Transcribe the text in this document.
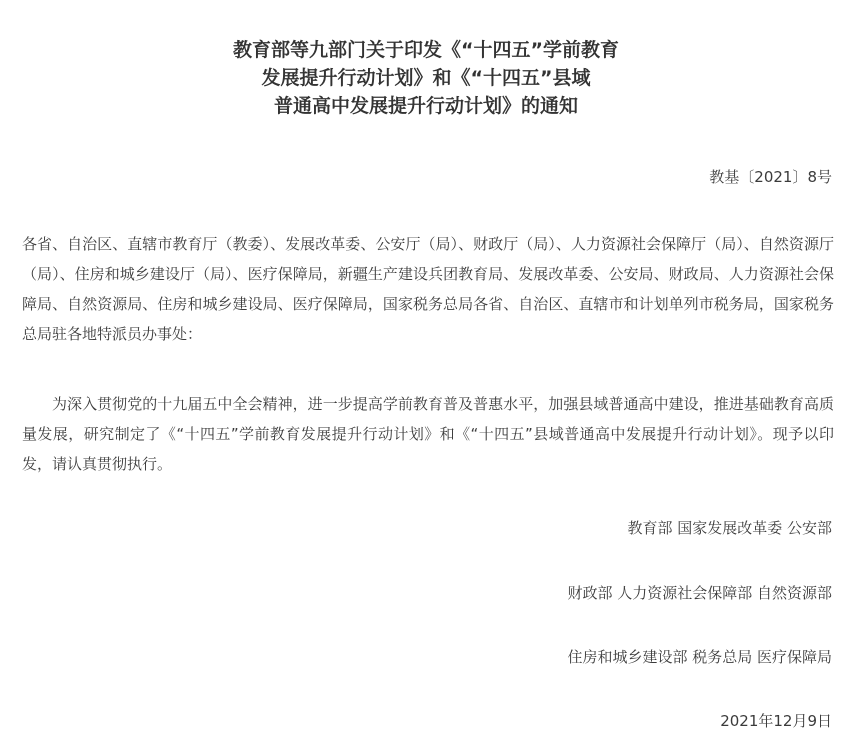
教育部等九部门关于印发《“十四五”学前教育
发展提升行动计划》和《“十四五”县域
普通高中发展提升行动计划》的通知
教基〔2021〕8号
各省、自治区、直辖市教育厅（教委）、发展改革委、公安厅（局）、财政厅（局）、人力资源社会保障厅（局）、自然资源厅（局）、住房和城乡建设厅（局）、医疗保障局，新疆生产建设兵团教育局、发展改革委、公安局、财政局、人力资源社会保障局、自然资源局、住房和城乡建设局、医疗保障局，国家税务总局各省、自治区、直辖市和计划单列市税务局，国家税务总局驻各地特派员办事处：
为深入贯彻党的十九届五中全会精神，进一步提高学前教育普及普惠水平，加强县域普通高中建设，推进基础教育高质量发展，研究制定了《“十四五”学前教育发展提升行动计划》和《“十四五”县域普通高中发展提升行动计划》。现予以印发，请认真贯彻执行。
教育部 国家发展改革委 公安部
财政部 人力资源社会保障部 自然资源部
住房和城乡建设部 税务总局 医疗保障局
2021年12月9日
